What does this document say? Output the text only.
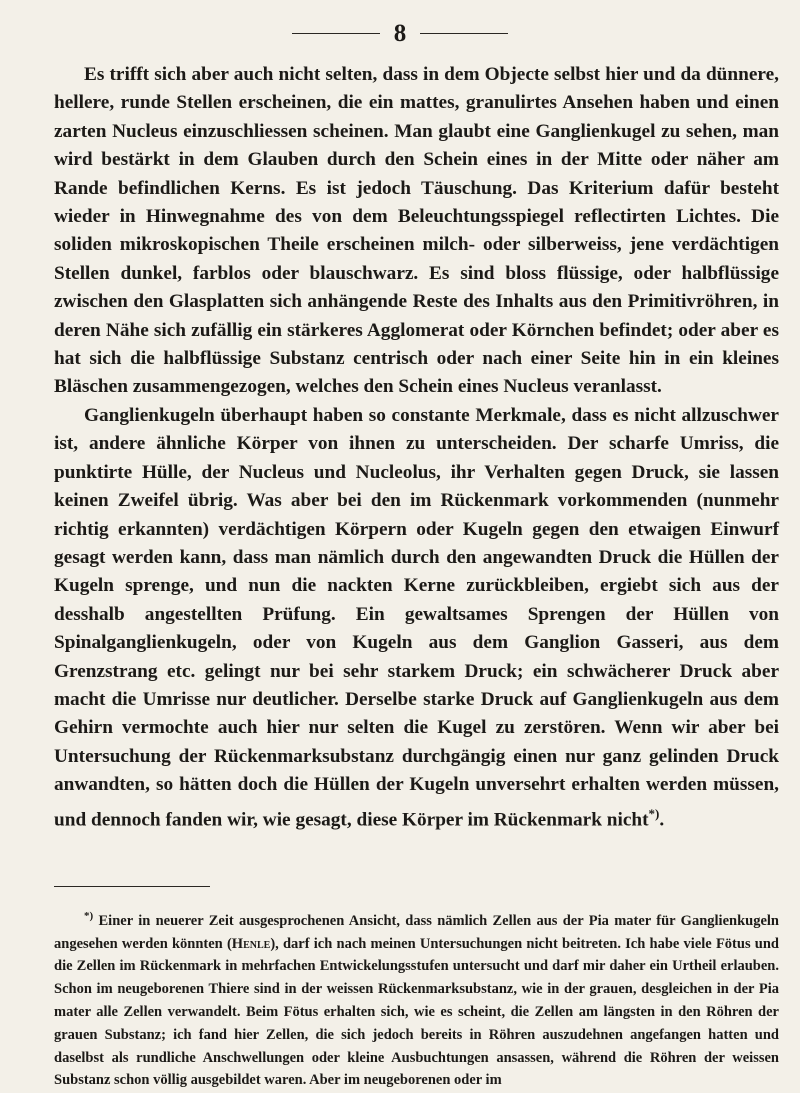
8

Es trifft sich aber auch nicht selten, dass in dem Objecte selbst hier und da dünnere, hellere, runde Stellen erscheinen, die ein mattes, granulirtes Ansehen haben und einen zarten Nucleus einzuschliessen scheinen. Man glaubt eine Ganglienkugel zu sehen, man wird bestärkt in dem Glauben durch den Schein eines in der Mitte oder näher am Rande befindlichen Kerns. Es ist jedoch Täuschung. Das Kriterium dafür besteht wieder in Hinwegnahme des von dem Beleuchtungsspiegel reflectirten Lichtes. Die soliden mikroskopischen Theile erscheinen milch- oder silberweiss, jene verdächtigen Stellen dunkel, farblos oder blauschwarz. Es sind bloss flüssige, oder halbflüssige zwischen den Glasplatten sich anhängende Reste des Inhalts aus den Primitivröhren, in deren Nähe sich zufällig ein stärkeres Agglomerat oder Körnchen befindet; oder aber es hat sich die halbflüssige Substanz centrisch oder nach einer Seite hin in ein kleines Bläschen zusammengezogen, welches den Schein eines Nucleus veranlasst.

Ganglienkugeln überhaupt haben so constante Merkmale, dass es nicht allzuschwer ist, andere ähnliche Körper von ihnen zu unterscheiden. Der scharfe Umriss, die punktirte Hülle, der Nucleus und Nucleolus, ihr Verhalten gegen Druck, sie lassen keinen Zweifel übrig. Was aber bei den im Rückenmark vorkommenden (nunmehr richtig erkannten) verdächtigen Körpern oder Kugeln gegen den etwaigen Einwurf gesagt werden kann, dass man nämlich durch den angewandten Druck die Hüllen der Kugeln sprenge, und nun die nackten Kerne zurückbleiben, ergiebt sich aus der desshalb angestellten Prüfung. Ein gewaltsames Sprengen der Hüllen von Spinalganglienkugeln, oder von Kugeln aus dem Ganglion Gasseri, aus dem Grenzstrang etc. gelingt nur bei sehr starkem Druck; ein schwächerer Druck aber macht die Umrisse nur deutlicher. Derselbe starke Druck auf Ganglienkugeln aus dem Gehirn vermochte auch hier nur selten die Kugel zu zerstören. Wenn wir aber bei Untersuchung der Rückenmarksubstanz durchgängig einen nur ganz gelinden Druck anwandten, so hätten doch die Hüllen der Kugeln unversehrt erhalten werden müssen, und dennoch fanden wir, wie gesagt, diese Körper im Rückenmark nicht*).

*) Einer in neuerer Zeit ausgesprochenen Ansicht, dass nämlich Zellen aus der Pia mater für Ganglienkugeln angesehen werden könnten (Henle), darf ich nach meinen Untersuchungen nicht beitreten. Ich habe viele Fötus und die Zellen im Rückenmark in mehrfachen Entwickelungsstufen untersucht und darf mir daher ein Urtheil erlauben. Schon im neugeborenen Thiere sind in der weissen Rückenmarksubstanz, wie in der grauen, desgleichen in der Pia mater alle Zellen verwandelt. Beim Fötus erhalten sich, wie es scheint, die Zellen am längsten in den Röhren der grauen Substanz; ich fand hier Zellen, die sich jedoch bereits in Röhren auszudehnen angefangen hatten und daselbst als rundliche Anschwellungen oder kleine Ausbuchtungen ansassen, während die Röhren der weissen Substanz schon völlig ausgebildet waren. Aber im neugeborenen oder im
